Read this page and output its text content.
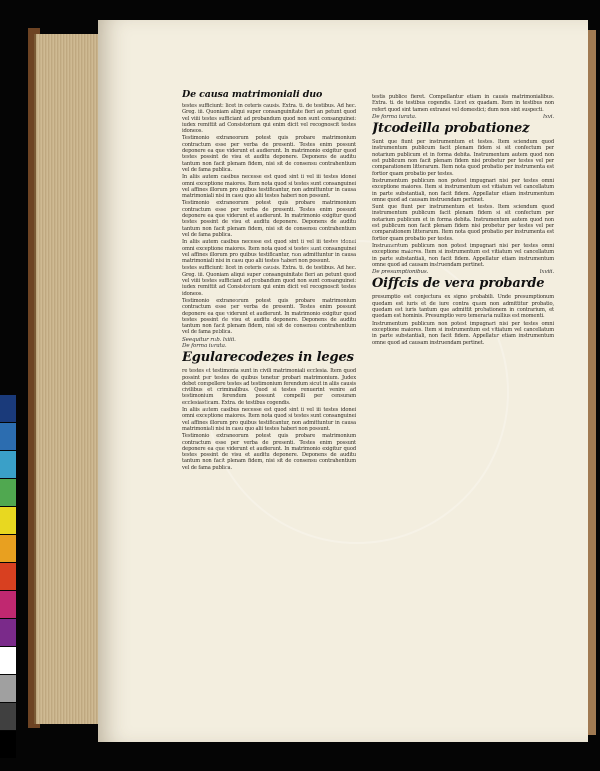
De causa matrimoniali duo
testes sufficiunt: licet in ceteris causis. Extra. ti. de testibus. Ad hec. Greg. iii. Quoniam aliqui super consanguinitate fieri an petunt quod vel viiii testes sufficiant ad probandum quod non sunt consanguinei: iudex remittit ad Consistorium qui enim dicit vel recognoscit testes idoneos.
Testimonio extraneorum potest quis probare matrimonium contractum esse per verba de presenti. Testes enim possunt deponere ea que viderunt et audierunt. In matrimonio exigitur quod testes possint de visu et auditu deponere. Deponens de auditu tantum non facit plenam fidem, nisi sit de consensu contrahentium vel de fama publica.
In aliis autem casibus necesse est quod sint ii vel iii testes idonei omni exceptione maiores. Item nota quod si testes sunt consanguinei vel affines illorum pro quibus testificantur, non admittuntur in causa matrimoniali nisi in casu quo alii testes haberi non possunt.
Testimonio extraneorum potest quis probare matrimonium contractum esse per verba de presenti. Testes enim possunt deponere ea que viderunt et audierunt. In matrimonio exigitur quod testes possint de visu et auditu deponere. Deponens de auditu tantum non facit plenam fidem, nisi sit de consensu contrahentium vel de fama publica.
In aliis autem casibus necesse est quod sint ii vel iii testes idonei omni exceptione maiores. Item nota quod si testes sunt consanguinei vel affines illorum pro quibus testificantur, non admittuntur in causa matrimoniali nisi in casu quo alii testes haberi non possunt.
testes sufficiunt: licet in ceteris causis. Extra. ti. de testibus. Ad hec. Greg. iii. Quoniam aliqui super consanguinitate fieri an petunt quod vel viiii testes sufficiant ad probandum quod non sunt consanguinei: iudex remittit ad Consistorium qui enim dicit vel recognoscit testes idoneos.
Testimonio extraneorum potest quis probare matrimonium contractum esse per verba de presenti. Testes enim possunt deponere ea que viderunt et audierunt. In matrimonio exigitur quod testes possint de visu et auditu deponere. Deponens de auditu tantum non facit plenam fidem, nisi sit de consensu contrahentium vel de fama publica.
Seequitur rub. lxiiii.
De forma iurata.
Egularecodezes in leges
re testes et testimonia sunt in civili matrimoniali ecclesia. Item quod possint per testes de quibus tenetur probari matrimonium. Judex debet compellere testes ad testimonium ferendum sicut in aliis causis civilibus et criminalibus. Quod si testes renuerint venire ad testimonium ferendum possunt compelli per censuram ecclesiasticam. Extra. de testibus cogendis.
In aliis autem casibus necesse est quod sint ii vel iii testes idonei omni exceptione maiores. Item nota quod si testes sunt consanguinei vel affines illorum pro quibus testificantur, non admittuntur in causa matrimoniali nisi in casu quo alii testes haberi non possunt.
Testimonio extraneorum potest quis probare matrimonium contractum esse per verba de presenti. Testes enim possunt deponere ea que viderunt et audierunt. In matrimonio exigitur quod testes possint de visu et auditu deponere. Deponens de auditu tantum non facit plenam fidem, nisi sit de consensu contrahentium vel de fama publica.
testis publice fieret. Compellantur etiam in causis matrimonialibus. Extra. ti. de testibus cogendis. Licet ex quadam. Item in testibus non refert quod sint tamen extranei vel domestici; dum non sint suspecti.
De forma iurata.	lxvi.
Jtcodeilla probationez
Sunt que fiunt per instrumentum et testes. Item sciendum quod instrumentum publicum facit plenam fidem si sit confectum per notarium publicum et in forma debita. Instrumentum autem quod non est publicum non facit plenam fidem nisi probetur per testes vel per comparationem litterarum. Item nota quod probatio per instrumenta est fortior quam probatio per testes.
Instrumentum publicum non potest impugnari nisi per testes omni exceptione maiores. Item si instrumentum est vitiatum vel cancellatum in parte substantiali, non facit fidem. Appellatur etiam instrumentum omne quod ad causam instruendam pertinet.
Sunt que fiunt per instrumentum et testes. Item sciendum quod instrumentum publicum facit plenam fidem si sit confectum per notarium publicum et in forma debita. Instrumentum autem quod non est publicum non facit plenam fidem nisi probetur per testes vel per comparationem litterarum. Item nota quod probatio per instrumenta est fortior quam probatio per testes.
Instrumentum publicum non potest impugnari nisi per testes omni exceptione maiores. Item si instrumentum est vitiatum vel cancellatum in parte substantiali, non facit fidem. Appellatur etiam instrumentum omne quod ad causam instruendam pertinet.
De presumptionibus.	lxviii.
Oiffcis de vera probarde
presumptio est conjectura ex signo probabili. Unde presumptionum quedam est iuris et de iure contra quam non admittitur probatio, quedam est iuris tantum que admittit probationem in contrarium, et quedam est hominis. Presumptio vero temeraria nullius est momenti.
Instrumentum publicum non potest impugnari nisi per testes omni exceptione maiores. Item si instrumentum est vitiatum vel cancellatum in parte substantiali, non facit fidem. Appellatur etiam instrumentum omne quod ad causam instruendam pertinet.
